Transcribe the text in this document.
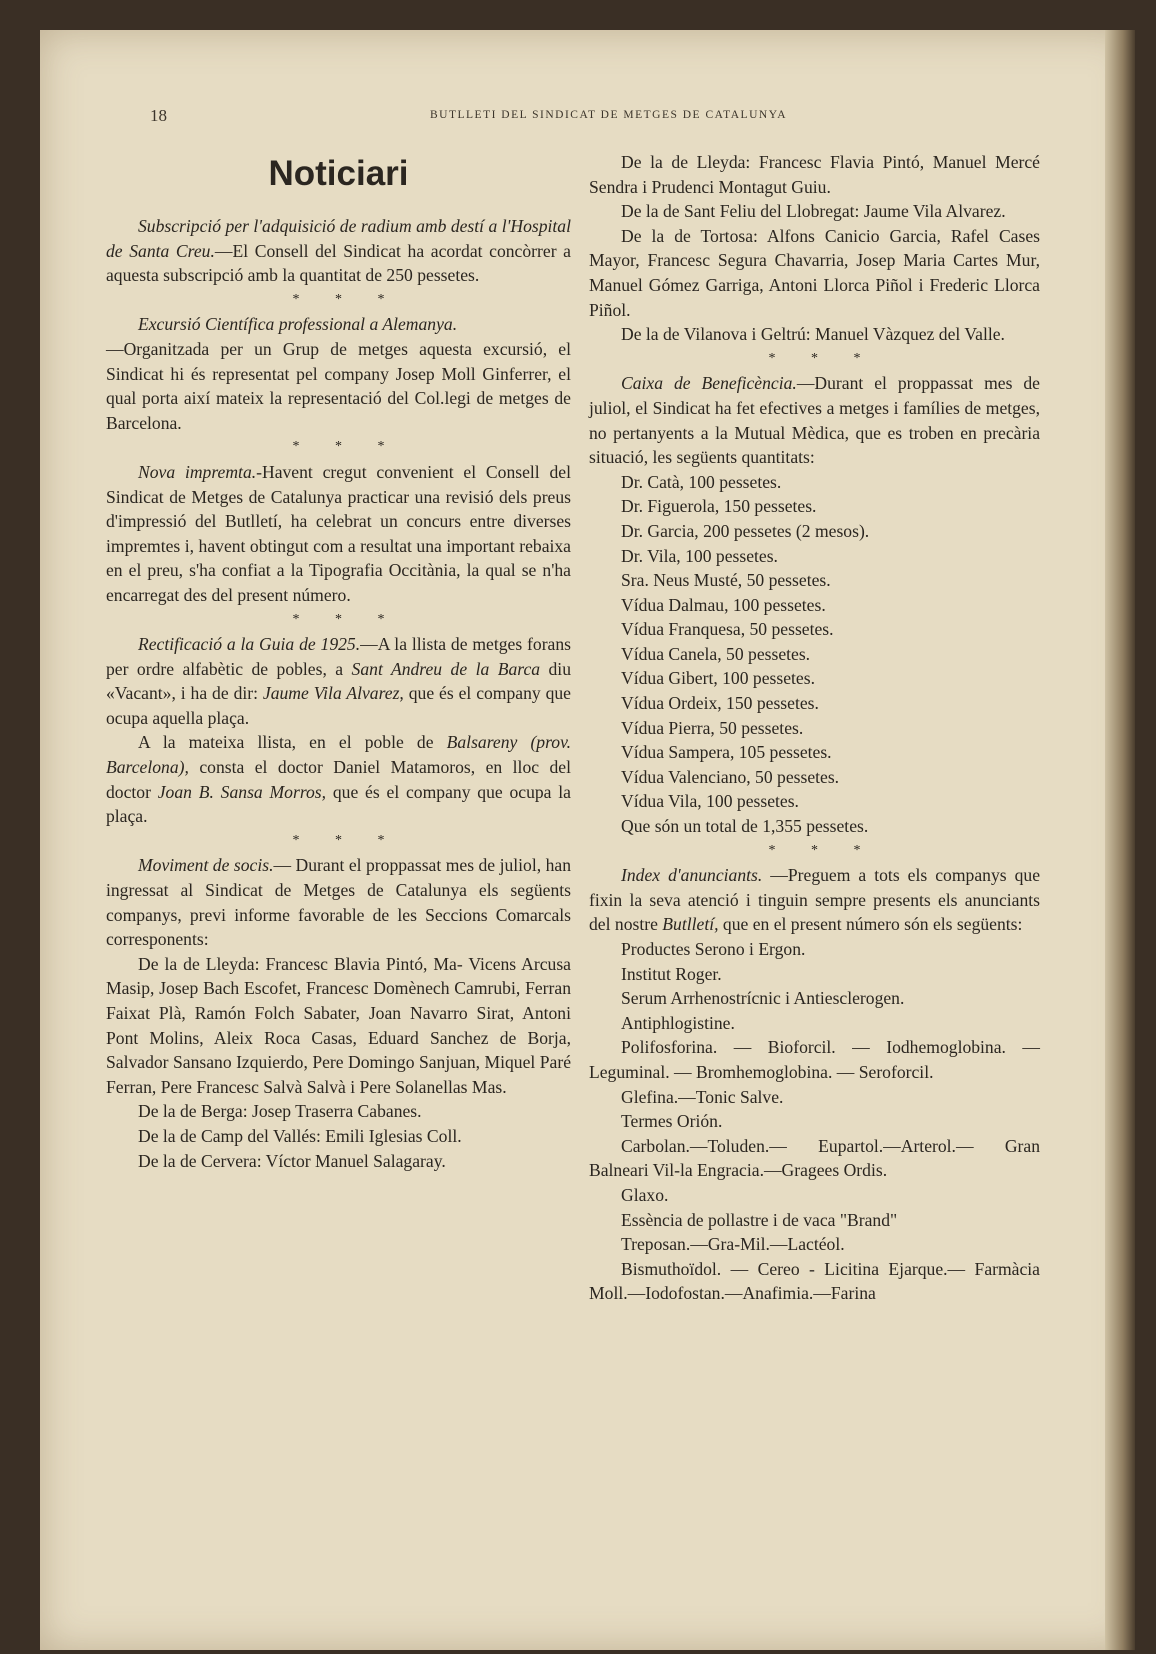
18	BUTLLETI DEL SINDICAT DE METGES DE CATALUNYA
Noticiari

Subscripció per l'adquisició de radium amb destí a l'Hospital de Santa Creu.—El Consell del Sindicat ha acordat concòrrer a aquesta subscripció amb la quantitat de 250 pessetes.

* * *

Excursió Científica professional a Alemanya.
—Organitzada per un Grup de metges aquesta excursió, el Sindicat hi és representat pel company Josep Moll Ginferrer, el qual porta així mateix la representació del Col.legi de metges de Barcelona.

* * *

Nova impremta.-Havent cregut convenient el Consell del Sindicat de Metges de Catalunya practicar una revisió dels preus d'impressió del Butlletí, ha celebrat un concurs entre diverses impremtes i, havent obtingut com a resultat una important rebaixa en el preu, s'ha confiat a la Tipografia Occitània, la qual se n'ha encarregat des del present número.

* * *

Rectificació a la Guia de 1925.—A la llista de metges forans per ordre alfabètic de pobles, a Sant Andreu de la Barca diu «Vacant», i ha de dir: Jaume Vila Alvarez, que és el company que ocupa aquella plaça.

A la mateixa llista, en el poble de Balsareny (prov. Barcelona), consta el doctor Daniel Matamoros, en lloc del doctor Joan B. Sansa Morros, que és el company que ocupa la plaça.

* * *

Moviment de socis.— Durant el proppassat mes de juliol, han ingressat al Sindicat de Metges de Catalunya els següents companys, previ informe favorable de les Seccions Comarcals corresponents:

De la de Lleyda: Francesc Blavia Pintó, Ma- Vicens Arcusa Masip, Josep Bach Escofet, Francesc Domènech Camrubi, Ferran Faixat Plà, Ramón Folch Sabater, Joan Navarro Sirat, Antoni Pont Molins, Aleix Roca Casas, Eduard Sanchez de Borja, Salvador Sansano Izquierdo, Pere Domingo Sanjuan, Miquel Paré Ferran, Pere Francesc Salvà Salvà i Pere Solanellas Mas.

De la de Berga: Josep Traserra Cabanes.

De la de Camp del Vallés: Emili Iglesias Coll.

De la de Cervera: Víctor Manuel Salagaray.

De la de Lleyda: Francesc Flavia Pintó, Manuel Mercé Sendra i Prudenci Montagut Guiu.

De la de Sant Feliu del Llobregat: Jaume Vila Alvarez.

De la de Tortosa: Alfons Canicio Garcia, Rafel Cases Mayor, Francesc Segura Chavarria, Josep Maria Cartes Mur, Manuel Gómez Garriga, Antoni Llorca Piñol i Frederic Llorca Piñol.

De la de Vilanova i Geltrú: Manuel Vàzquez del Valle.

* * *

Caixa de Beneficència.—Durant el proppassat mes de juliol, el Sindicat ha fet efectives a metges i famílies de metges, no pertanyents a la Mutual Mèdica, que es troben en precària situació, les següents quantitats:

Dr. Catà, 100 pessetes.
Dr. Figuerola, 150 pessetes.
Dr. Garcia, 200 pessetes (2 mesos).
Dr. Vila, 100 pessetes.
Sra. Neus Musté, 50 pessetes.
Vídua Dalmau, 100 pessetes.
Vídua Franquesa, 50 pessetes.
Vídua Canela, 50 pessetes.
Vídua Gibert, 100 pessetes.
Vídua Ordeix, 150 pessetes.
Vídua Pierra, 50 pessetes.
Vídua Sampera, 105 pessetes.
Vídua Valenciano, 50 pessetes.
Vídua Vila, 100 pessetes.
Que són un total de 1,355 pessetes.
* * *

Index d'anunciants. —Preguem a tots els companys que fixin la seva atenció i tinguin sempre presents els anunciants del nostre Butlletí, que en el present número són els següents:

Productes Serono i Ergon.

Institut Roger.

Serum Arrhenostrícnic i Antiesclerogen.

Antiphlogistine.

Polifosforina. — Bioforcil. — Iodhemoglobina. — Leguminal. — Bromhemoglobina. — Seroforcil.

Glefina.—Tonic Salve.

Termes Orión.

Carbolan.—Toluden.— Eupartol.—Arterol.— Gran Balneari Vil-la Engracia.—Gragees Ordis.

Glaxo.

Essència de pollastre i de vaca "Brand"

Treposan.—Gra-Mil.—Lactéol.

Bismuthoïdol. — Cereo - Licitina Ejarque.— Farmàcia Moll.—Iodofostan.—Anafimia.—Farina
